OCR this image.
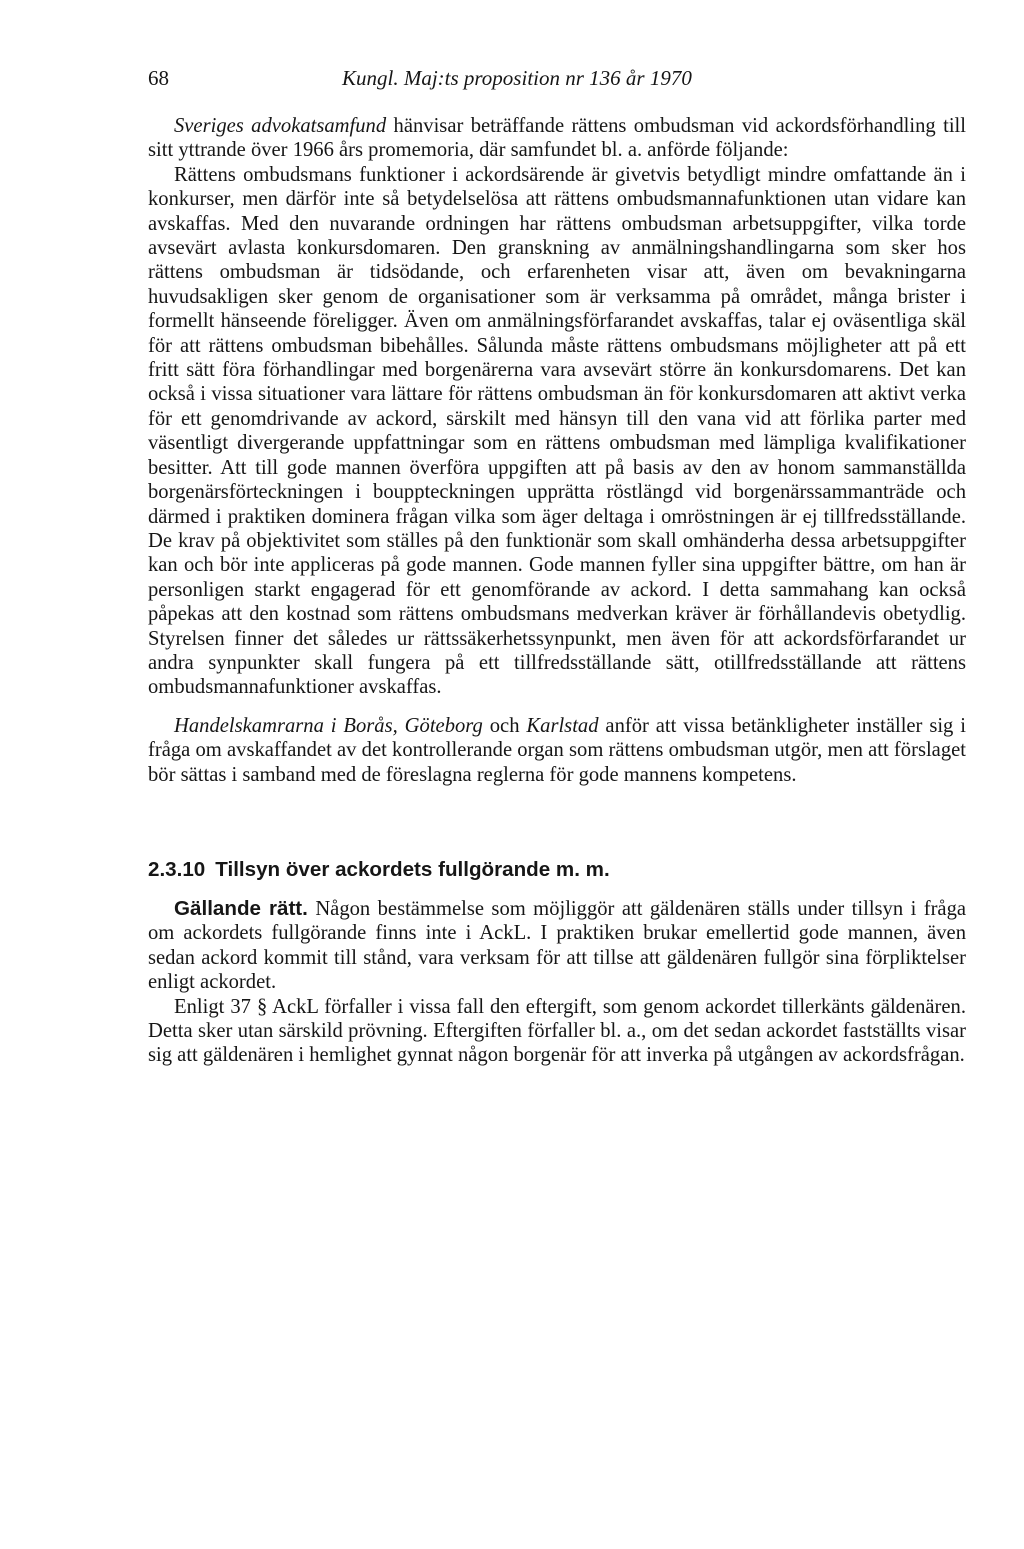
68	Kungl. Maj:ts proposition nr 136 år 1970

Sveriges advokatsamfund hänvisar beträffande rättens ombudsman vid ackordsförhandling till sitt yttrande över 1966 års promemoria, där samfundet bl. a. anförde följande:

Rättens ombudsmans funktioner i ackordsärende är givetvis betydligt mindre omfattande än i konkurser, men därför inte så betydelselösa att rättens ombudsmannafunktionen utan vidare kan avskaffas. Med den nuvarande ordningen har rättens ombudsman arbetsuppgifter, vilka torde avsevärt avlasta konkursdomaren. Den granskning av anmälningshandlingarna som sker hos rättens ombudsman är tidsödande, och erfarenheten visar att, även om bevakningarna huvudsakligen sker genom de organisationer som är verksamma på området, många brister i formellt hänseende föreligger. Även om anmälningsförfarandet avskaffas, talar ej oväsentliga skäl för att rättens ombudsman bibehålles. Sålunda måste rättens ombudsmans möjligheter att på ett fritt sätt föra förhandlingar med borgenärerna vara avsevärt större än konkursdomarens. Det kan också i vissa situationer vara lättare för rättens ombudsman än för konkursdomaren att aktivt verka för ett genomdrivande av ackord, särskilt med hänsyn till den vana vid att förlika parter med väsentligt divergerande uppfattningar som en rättens ombudsman med lämpliga kvalifikationer besitter. Att till gode mannen överföra uppgiften att på basis av den av honom sammanställda borgenärsförteckningen i bouppteckningen upprätta röstlängd vid borgenärssammanträde och därmed i praktiken dominera frågan vilka som äger deltaga i omröstningen är ej tillfredsställande. De krav på objektivitet som ställes på den funktionär som skall omhänderha dessa arbetsuppgifter kan och bör inte appliceras på gode mannen. Gode mannen fyller sina uppgifter bättre, om han är personligen starkt engagerad för ett genomförande av ackord. I detta sammahang kan också påpekas att den kostnad som rättens ombudsmans medverkan kräver är förhållandevis obetydlig. Styrelsen finner det således ur rättssäkerhetssynpunkt, men även för att ackordsförfarandet ur andra synpunkter skall fungera på ett tillfredsställande sätt, otillfredsställande att rättens ombudsmannafunktioner avskaffas.

Handelskamrarna i Borås, Göteborg och Karlstad anför att vissa betänkligheter inställer sig i fråga om avskaffandet av det kontrollerande organ som rättens ombudsman utgör, men att förslaget bör sättas i samband med de föreslagna reglerna för gode mannens kompetens.

2.3.10 Tillsyn över ackordets fullgörande m. m.

Gällande rätt. Någon bestämmelse som möjliggör att gäldenären ställs under tillsyn i fråga om ackordets fullgörande finns inte i AckL. I praktiken brukar emellertid gode mannen, även sedan ackord kommit till stånd, vara verksam för att tillse att gäldenären fullgör sina förpliktelser enligt ackordet.

Enligt 37 § AckL förfaller i vissa fall den eftergift, som genom ackordet tillerkänts gäldenären. Detta sker utan särskild prövning. Eftergiften förfaller bl. a., om det sedan ackordet fastställts visar sig att gäldenären i hemlighet gynnat någon borgenär för att inverka på utgången av ackordsfrågan.
